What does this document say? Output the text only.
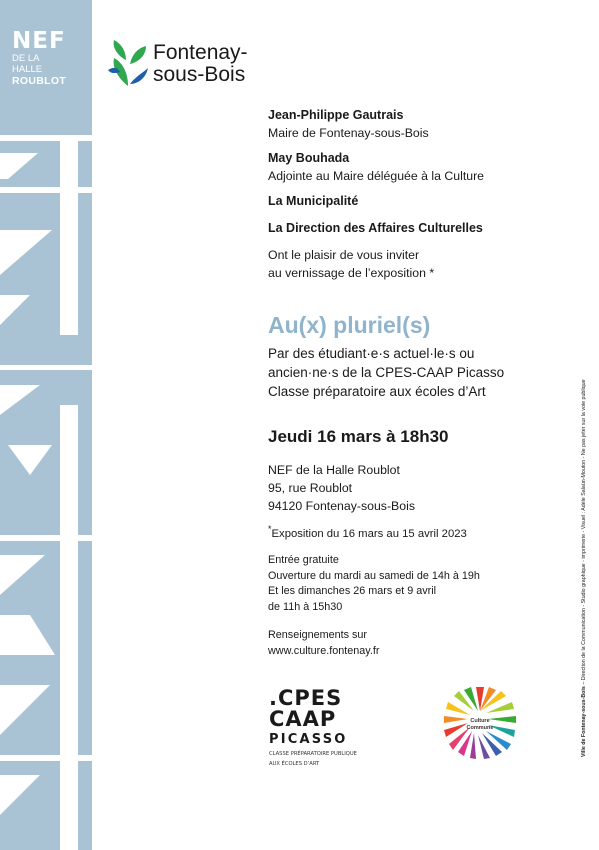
NEF
DE LA
HALLE
ROUBLOT
Fontenay-
sous-Bois
Jean-Philippe Gautrais
Maire de Fontenay-sous-Bois
May Bouhada
Adjointe au Maire déléguée à la Culture
La Municipalité
La Direction des Affaires Culturelles
Ont le plaisir de vous inviter
au vernissage de l’exposition *
Au(x) pluriel(s)
Par des étudiant·e·s actuel·le·s ou
ancien·ne·s de la CPES-CAAP Picasso
Classe préparatoire aux écoles d’Art
Jeudi 16 mars à 18h30
NEF de la Halle Roublot
95, rue Roublot
94120 Fontenay-sous-Bois
*Exposition du 16 mars au 15 avril 2023
Entrée gratuite
Ouverture du mardi au samedi de 14h à 19h
Et les dimanches 26 mars et 9 avril
de 11h à 15h30
Renseignements sur
www.culture.fontenay.fr
.CPES
CAAP
PICASSO
CLASSE PRÉPARATOIRE PUBLIQUE
AUX ÉCOLES D’ART
Culture
Commune	Ville de Fontenay-sous-Bois – Direction de la Communication - Studio graphique - imprimerie - Visuel : Adèle Salaün-Mouton - Ne pas jeter sur la voie publique
